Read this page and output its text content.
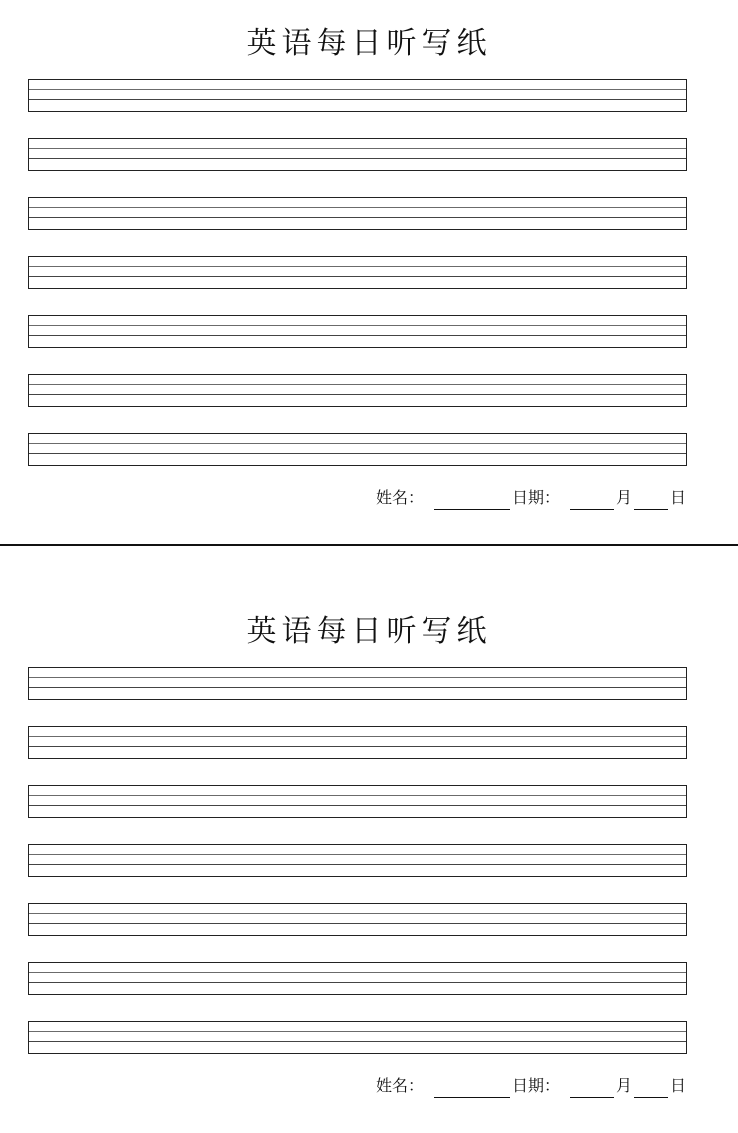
英语每日听写纸
姓名：	日期：	月 日
英语每日听写纸
姓名：	日期：	月 日
